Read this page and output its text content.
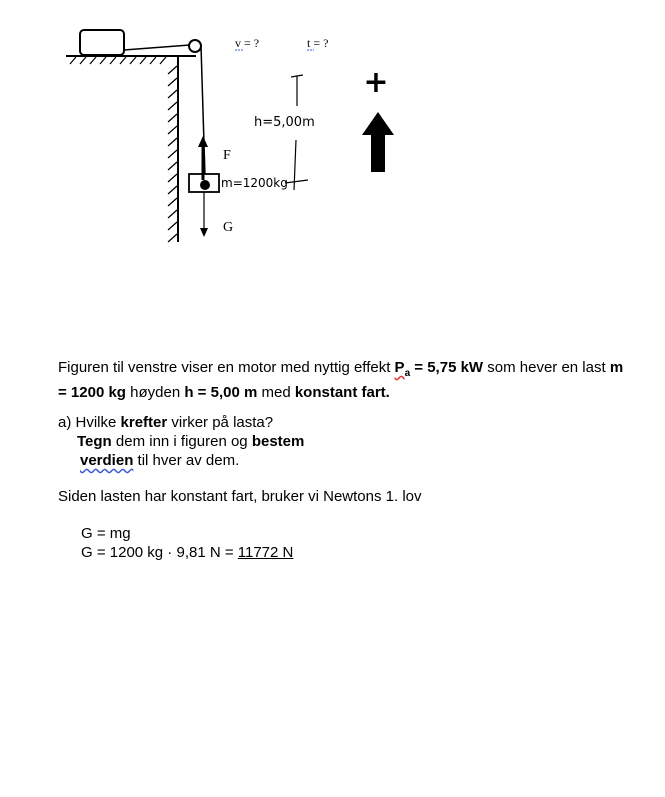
F
G
m=1200kg
h=5,00m
v = ?	t = ?
+
Figuren til venstre viser en motor med nyttig effekt $P_a = 5,75$ kW som hever en last m
= 1200 kg høyden h = 5,00 m med konstant fart.
a) Hvilke krefter virker på lasta?
Tegn dem inn i figuren og bestem
verdien til hver av dem.
Siden lasten har konstant fart, bruker vi Newtons 1. lov
G = mg
G = 1200 kg · 9,81 N = 11772 N
